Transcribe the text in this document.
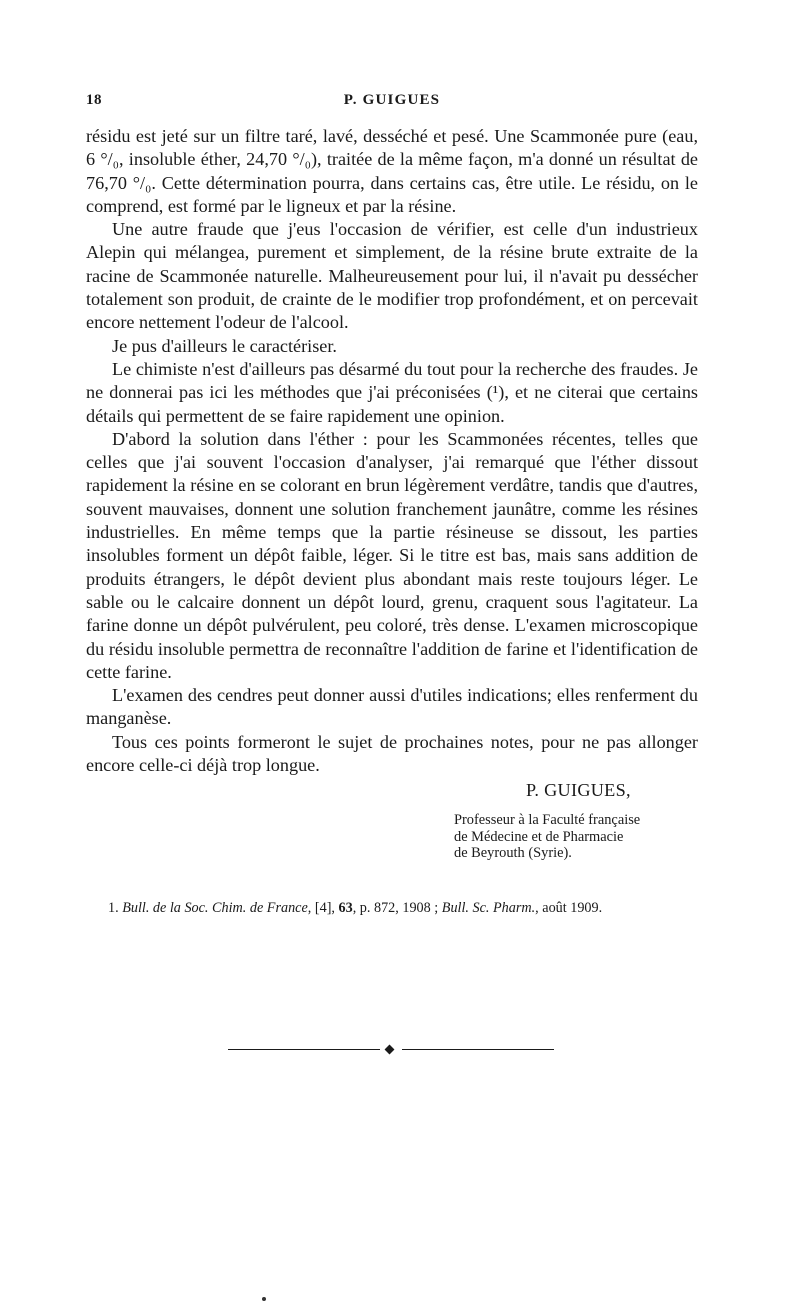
18	P. GUIGUES

résidu est jeté sur un filtre taré, lavé, desséché et pesé. Une Scammonée pure (eau, 6 °/₀, insoluble éther, 24,70 °/₀), traitée de la même façon, m'a donné un résultat de 76,70 °/₀. Cette détermination pourra, dans certains cas, être utile. Le résidu, on le comprend, est formé par le ligneux et par la résine.

Une autre fraude que j'eus l'occasion de vérifier, est celle d'un industrieux Alepin qui mélangea, purement et simplement, de la résine brute extraite de la racine de Scammonée naturelle. Malheureusement pour lui, il n'avait pu dessécher totalement son produit, de crainte de le modifier trop profondément, et on percevait encore nettement l'odeur de l'alcool.

Je pus d'ailleurs le caractériser.

Le chimiste n'est d'ailleurs pas désarmé du tout pour la recherche des fraudes. Je ne donnerai pas ici les méthodes que j'ai préconisées (¹), et ne citerai que certains détails qui permettent de se faire rapidement une opinion.

D'abord la solution dans l'éther : pour les Scammonées récentes, telles que celles que j'ai souvent l'occasion d'analyser, j'ai remarqué que l'éther dissout rapidement la résine en se colorant en brun légèrement verdâtre, tandis que d'autres, souvent mauvaises, donnent une solution franchement jaunâtre, comme les résines industrielles. En même temps que la partie résineuse se dissout, les parties insolubles forment un dépôt faible, léger. Si le titre est bas, mais sans addition de produits étrangers, le dépôt devient plus abondant mais reste toujours léger. Le sable ou le calcaire donnent un dépôt lourd, grenu, craquent sous l'agitateur. La farine donne un dépôt pulvérulent, peu coloré, très dense. L'examen microscopique du résidu insoluble permettra de reconnaître l'addition de farine et l'identification de cette farine.

L'examen des cendres peut donner aussi d'utiles indications; elles renferment du manganèse.

Tous ces points formeront le sujet de prochaines notes, pour ne pas allonger encore celle-ci déjà trop longue.

P. GUIGUES,
Professeur à la Faculté française
de Médecine et de Pharmacie
de Beyrouth (Syrie).
1. Bull. de la Soc. Chim. de France, [4], 63, p. 872, 1908 ; Bull. Sc. Pharm., août 1909.
